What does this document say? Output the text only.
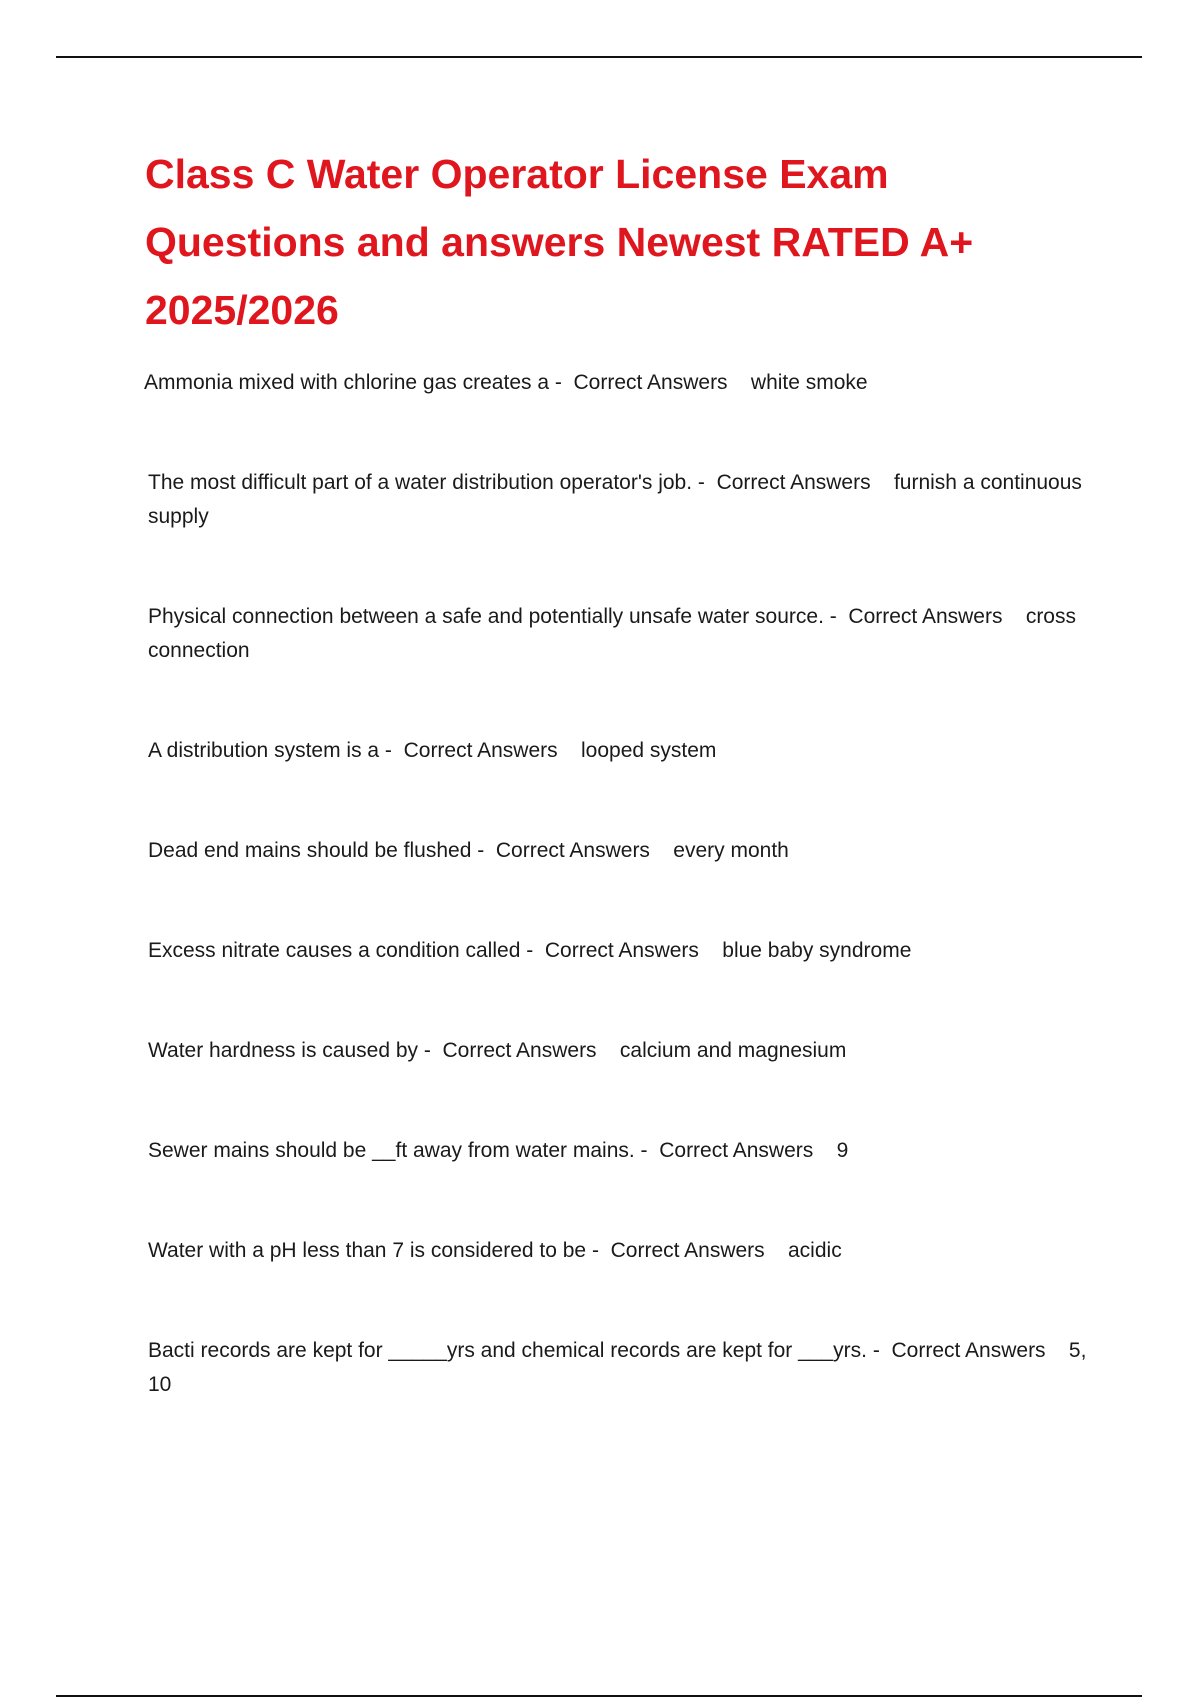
Class C Water Operator License Exam Questions and answers Newest RATED A+ 2025/2026
Ammonia mixed with chlorine gas creates a - Correct Answers white smoke
The most difficult part of a water distribution operator's job. - Correct Answers furnish a continuous supply
Physical connection between a safe and potentially unsafe water source. - Correct Answers cross connection
A distribution system is a - Correct Answers looped system
Dead end mains should be flushed - Correct Answers every month
Excess nitrate causes a condition called - Correct Answers blue baby syndrome
Water hardness is caused by - Correct Answers calcium and magnesium
Sewer mains should be __ft away from water mains. - Correct Answers 9
Water with a pH less than 7 is considered to be - Correct Answers acidic
Bacti records are kept for _____yrs and chemical records are kept for ___yrs. - Correct Answers 5, 10
